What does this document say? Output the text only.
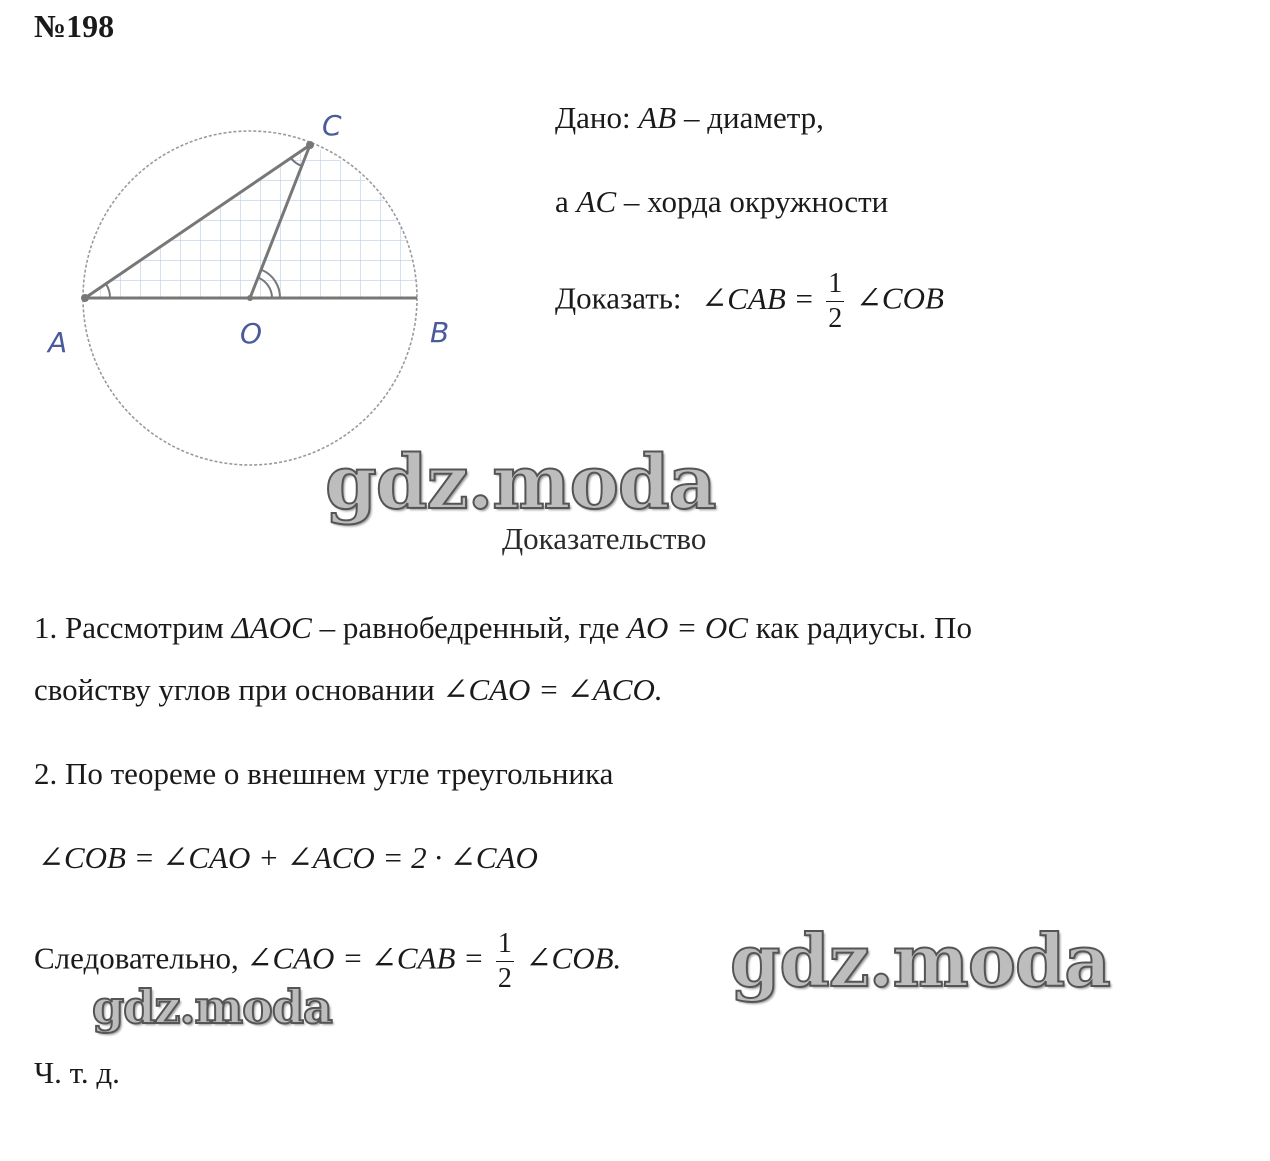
№198
C
A	O	B
Дано: AB – диаметр,
а AC – хорда окружности
Доказать: ∠CAB = $\frac{1}{2}$ ∠COB
gdz.moda
Доказательство
1. Рассмотрим ΔAOC – равнобедренный, где AO = OC как радиусы. По
свойству углов при основании ∠CAO = ∠ACO.
2. По теореме о внешнем угле треугольника
∠COB = ∠CAO + ∠ACO = 2 · ∠CAO
Следовательно, ∠CAO = ∠CAB = $\frac{1}{2}$ ∠COB. gdz.moda
gdz.moda
Ч. т. д.
